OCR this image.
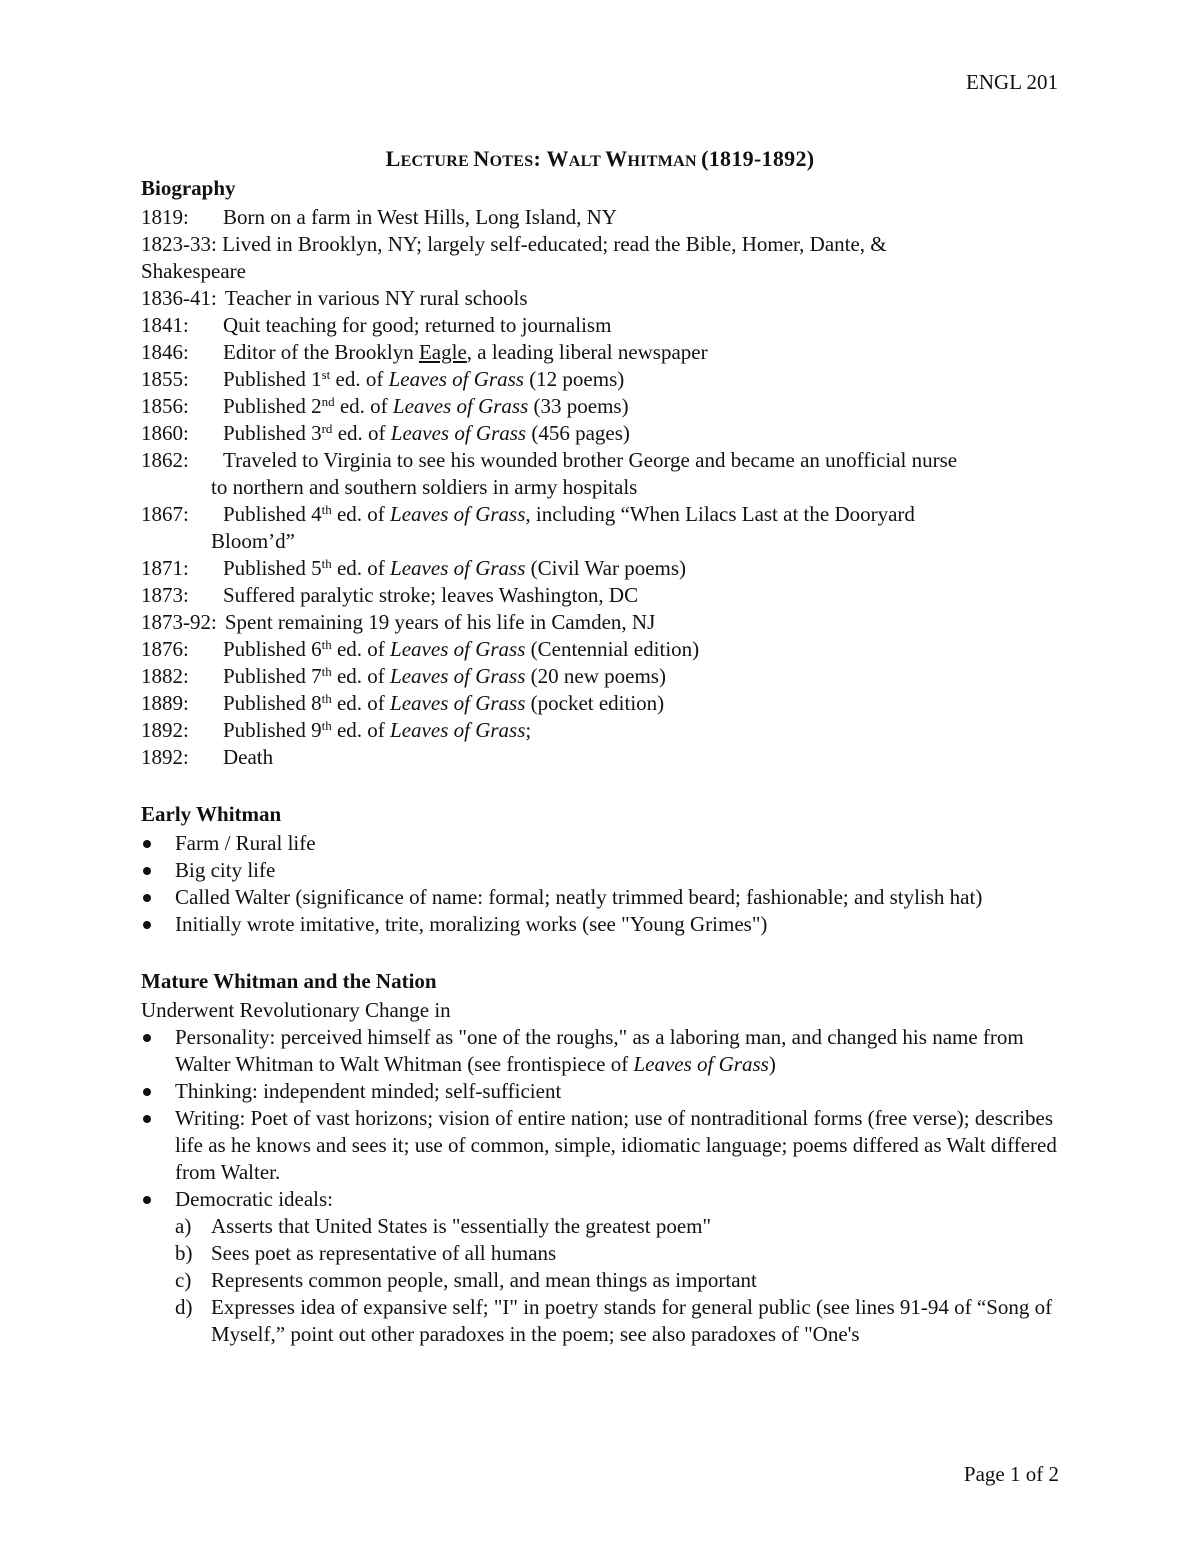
ENGL 201
LECTURE NOTES: WALT WHITMAN (1819-1892)
Biography
1819:	Born on a farm in West Hills, Long Island, NY
1823-33: Lived in Brooklyn, NY; largely self-educated; read the Bible, Homer, Dante, &
Shakespeare
1836-41: Teacher in various NY rural schools
1841:	Quit teaching for good; returned to journalism
1846:	Editor of the Brooklyn Eagle, a leading liberal newspaper
1855:	Published 1st ed. of Leaves of Grass (12 poems)
1856:	Published 2nd ed. of Leaves of Grass (33 poems)
1860:	Published 3rd ed. of Leaves of Grass (456 pages)
1862: Traveled to Virginia to see his wounded brother George and became an unofficial nurse
to northern and southern soldiers in army hospitals
1867: Published 4th ed. of Leaves of Grass, including “When Lilacs Last at the Dooryard
Bloom’d”
1871:	Published 5th ed. of Leaves of Grass (Civil War poems)
1873:	Suffered paralytic stroke; leaves Washington, DC
1873-92: Spent remaining 19 years of his life in Camden, NJ
1876:	Published 6th ed. of Leaves of Grass (Centennial edition)
1882:	Published 7th ed. of Leaves of Grass (20 new poems)
1889:	Published 8th ed. of Leaves of Grass (pocket edition)
1892:	Published 9th ed. of Leaves of Grass;
1892:	Death
Early Whitman
Farm / Rural life
Big city life
Called Walter (significance of name: formal; neatly trimmed beard; fashionable; and stylish hat)
Initially wrote imitative, trite, moralizing works (see "Young Grimes")
Mature Whitman and the Nation
Underwent Revolutionary Change in
Personality: perceived himself as "one of the roughs," as a laboring man, and changed his name from Walter Whitman to Walt Whitman (see frontispiece of Leaves of Grass)
Thinking: independent minded; self-sufficient
Writing: Poet of vast horizons; vision of entire nation; use of nontraditional forms (free verse); describes life as he knows and sees it; use of common, simple, idiomatic language; poems differed as Walt differed from Walter.
Democratic ideals:
a) Asserts that United States is "essentially the greatest poem"
b) Sees poet as representative of all humans
c) Represents common people, small, and mean things as important
d) Expresses idea of expansive self; "I" in poetry stands for general public (see lines 91-94 of “Song of Myself,” point out other paradoxes in the poem; see also paradoxes of "One's
Page 1 of 2
